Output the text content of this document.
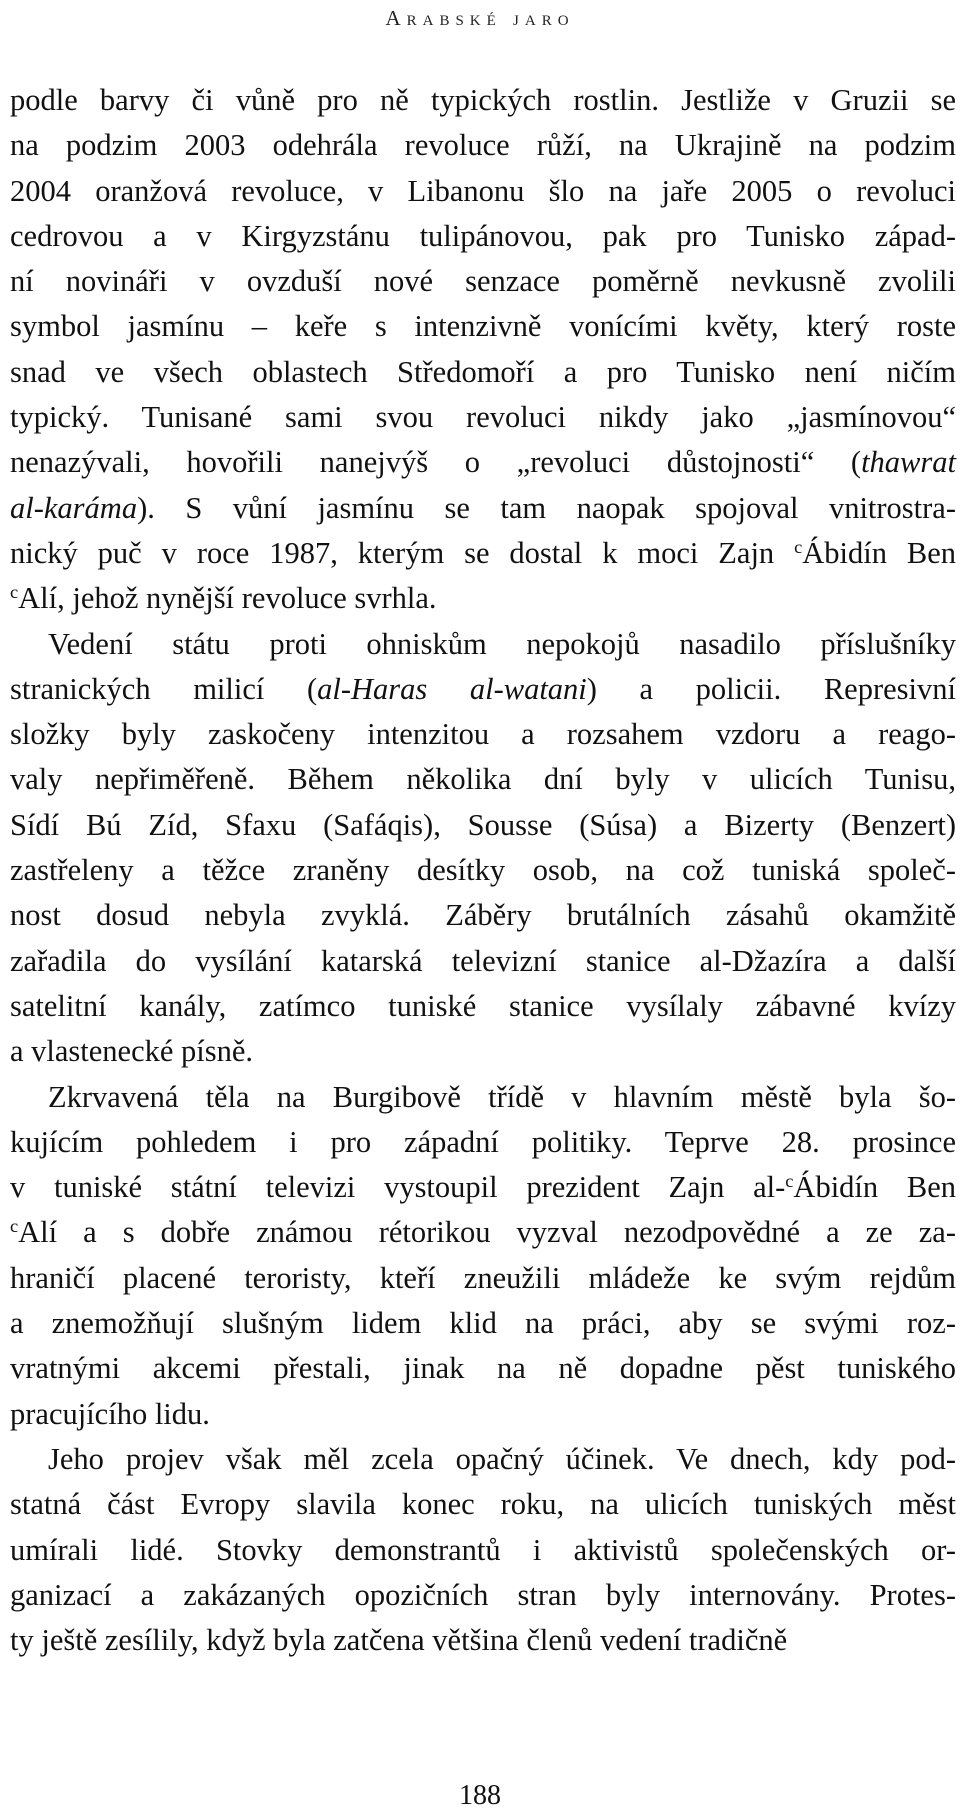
Arabské jaro
podle barvy či vůně pro ně typických rostlin. Jestliže v Gruzii se
na podzim 2003 odehrála revoluce růží, na Ukrajině na podzim
2004 oranžová revoluce, v Libanonu šlo na jaře 2005 o revoluci
cedrovou a v Kirgyzstánu tulipánovou, pak pro Tunisko západ-
ní novináři v ovzduší nové senzace poměrně nevkusně zvolili
symbol jasmínu – keře s intenzivně vonícími květy, který roste
snad ve všech oblastech Středomoří a pro Tunisko není ničím
typický. Tunisané sami svou revoluci nikdy jako „jasmínovou“
nenazývali, hovořili nanejvýš o „revoluci důstojnosti“ (thawrat
al-karáma). S vůní jasmínu se tam naopak spojoval vnitrostra-
nický puč v roce 1987, kterým se dostal k moci Zajn $^c$Ábidín Ben
$^c$Alí, jehož nynější revoluce svrhla.
Vedení státu proti ohniskům nepokojů nasadilo příslušníky
stranických milicí (al-Haras al-watani) a policii. Represivní
složky byly zaskočeny intenzitou a rozsahem vzdoru a reago-
valy nepřiměřeně. Během několika dní byly v ulicích Tunisu,
Sídí Bú Zíd, Sfaxu (Safáqis), Sousse (Súsa) a Bizerty (Benzert)
zastřeleny a těžce zraněny desítky osob, na což tuniská společ-
nost dosud nebyla zvyklá. Záběry brutálních zásahů okamžitě
zařadila do vysílání katarská televizní stanice al-Džazíra a další
satelitní kanály, zatímco tuniské stanice vysílaly zábavné kvízy
a vlastenecké písně.
Zkrvavená těla na Burgibově třídě v hlavním městě byla šo-
kujícím pohledem i pro západní politiky. Teprve 28. prosince
v tuniské státní televizi vystoupil prezident Zajn al-$^c$Ábidín Ben
$^c$Alí a s dobře známou rétorikou vyzval nezodpovědné a ze za-
hraničí placené teroristy, kteří zneužili mládeže ke svým rejdům
a znemožňují slušným lidem klid na práci, aby se svými roz-
vratnými akcemi přestali, jinak na ně dopadne pěst tuniského
pracujícího lidu.
Jeho projev však měl zcela opačný účinek. Ve dnech, kdy pod-
statná část Evropy slavila konec roku, na ulicích tuniských měst
umírali lidé. Stovky demonstrantů i aktivistů společenských or-
ganizací a zakázaných opozičních stran byly internovány. Protes-
ty ještě zesílily, když byla zatčena většina členů vedení tradičně
188
